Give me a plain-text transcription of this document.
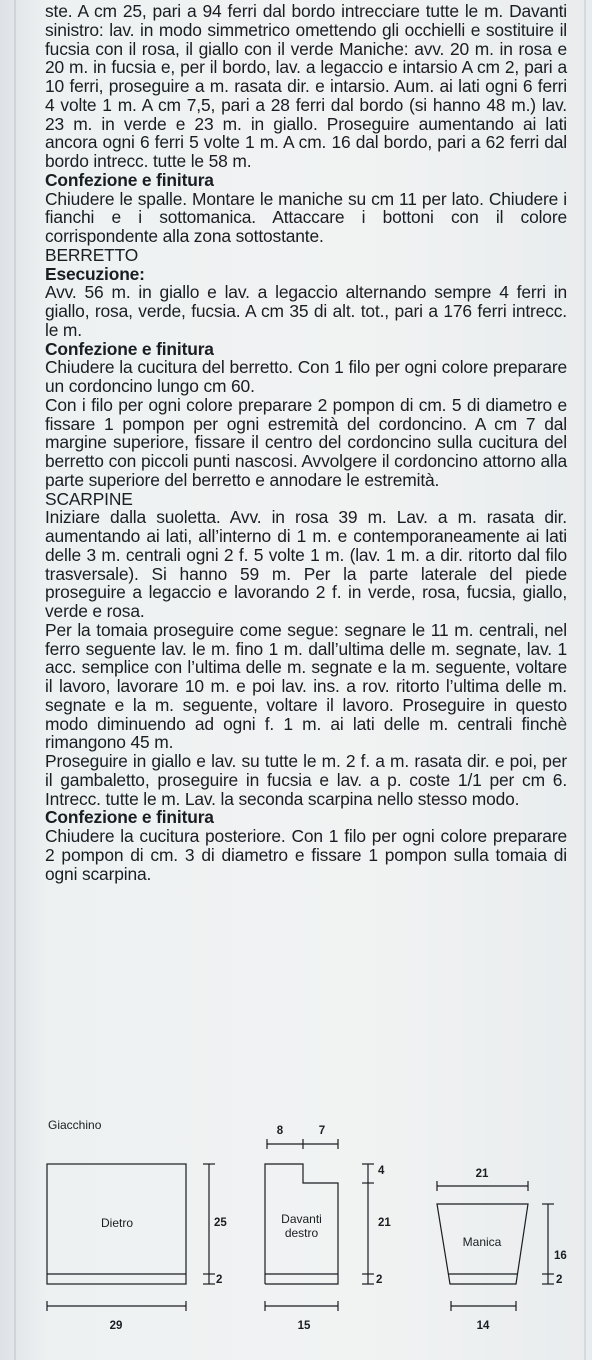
ste. A cm 25, pari a 94 ferri dal bordo intrecciare tutte le m. Davanti sinistro: lav. in modo simmetrico omettendo gli occhielli e sostituire il fucsia con il rosa, il giallo con il verde Maniche: avv. 20 m. in rosa e 20 m. in fucsia e, per il bordo, lav. a legaccio e intarsio A cm 2, pari a 10 ferri, proseguire a m. rasata dir. e intarsio. Aum. ai lati ogni 6 ferri 4 volte 1 m. A cm 7,5, pari a 28 ferri dal bordo (si hanno 48 m.) lav. 23 m. in verde e 23 m. in giallo. Proseguire aumentando ai lati ancora ogni 6 ferri 5 volte 1 m. A cm. 16 dal bordo, pari a 62 ferri dal bordo intrecc. tutte le 58 m.

Confezione e finitura

Chiudere le spalle. Montare le maniche su cm 11 per lato. Chiudere i fianchi e i sottomanica. Attaccare i bottoni con il colore corrispondente alla zona sottostante.

BERRETTO

Esecuzione:

Avv. 56 m. in giallo e lav. a legaccio alternando sempre 4 ferri in giallo, rosa, verde, fucsia. A cm 35 di alt. tot., pari a 176 ferri intrecc. le m.

Confezione e finitura

Chiudere la cucitura del berretto. Con 1 filo per ogni colore preparare un cordoncino lungo cm 60.

Con i filo per ogni colore preparare 2 pompon di cm. 5 di diametro e fissare 1 pompon per ogni estremità del cordoncino. A cm 7 dal margine superiore, fissare il centro del cordoncino sulla cucitura del berretto con piccoli punti nascosi. Avvolgere il cordoncino attorno alla parte superiore del berretto e annodare le estremità.

SCARPINE

Iniziare dalla suoletta. Avv. in rosa 39 m. Lav. a m. rasata dir. aumentando ai lati, all’interno di 1 m. e contemporaneamente ai lati delle 3 m. centrali ogni 2 f. 5 volte 1 m. (lav. 1 m. a dir. ritorto dal filo trasversale). Si hanno 59 m. Per la parte laterale del piede proseguire a legaccio e lavorando 2 f. in verde, rosa, fucsia, giallo, verde e rosa.

Per la tomaia proseguire come segue: segnare le 11 m. centrali, nel ferro seguente lav. le m. fino 1 m. dall’ultima delle m. segnate, lav. 1 acc. semplice con l’ultima delle m. segnate e la m. seguente, voltare il lavoro, lavorare 10 m. e poi lav. ins. a rov. ritorto l’ultima delle m. segnate e la m. seguente, voltare il lavoro. Proseguire in questo modo diminuendo ad ogni f. 1 m. ai lati delle m. centrali finchè rimangono 45 m.

Proseguire in giallo e lav. su tutte le m. 2 f. a m. rasata dir. e poi, per il gambaletto, proseguire in fucsia e lav. a p. coste 1/1 per cm 6. Intrecc. tutte le m. Lav. la seconda scarpina nello stesso modo.

Confezione e finitura

Chiudere la cucitura posteriore. Con 1 filo per ogni colore preparare 2 pompon di cm. 3 di diametro e fissare 1 pompon sulla tomaia di ogni scarpina.

Giacchino
Dietro
29
25
2
Davanti
destro
8	7
4
21
2
15
Manica
21
16
2
14
